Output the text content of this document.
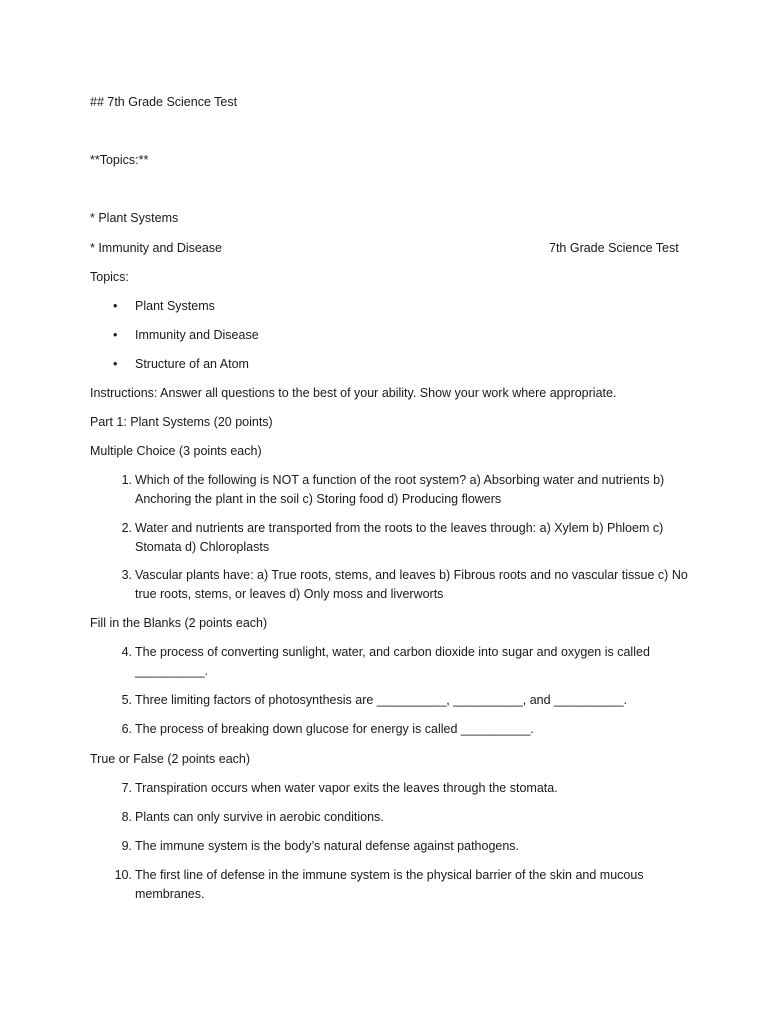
## 7th Grade Science Test
**Topics:**
* Plant Systems
* Immunity and Disease	7th Grade Science Test
Topics:
• Plant Systems
• Immunity and Disease
• Structure of an Atom
Instructions: Answer all questions to the best of your ability. Show your work where appropriate.
Part 1: Plant Systems (20 points)
Multiple Choice (3 points each)
1. Which of the following is NOT a function of the root system? a) Absorbing water and nutrients b) Anchoring the plant in the soil c) Storing food d) Producing flowers
2. Water and nutrients are transported from the roots to the leaves through: a) Xylem b) Phloem c) Stomata d) Chloroplasts
3. Vascular plants have: a) True roots, stems, and leaves b) Fibrous roots and no vascular tissue c) No true roots, stems, or leaves d) Only moss and liverworts
Fill in the Blanks (2 points each)
4. The process of converting sunlight, water, and carbon dioxide into sugar and oxygen is called __________.
5. Three limiting factors of photosynthesis are __________, __________, and __________.
6. The process of breaking down glucose for energy is called __________.
True or False (2 points each)
7. Transpiration occurs when water vapor exits the leaves through the stomata.
8. Plants can only survive in aerobic conditions.
9. The immune system is the body’s natural defense against pathogens.
10. The first line of defense in the immune system is the physical barrier of the skin and mucous membranes.
